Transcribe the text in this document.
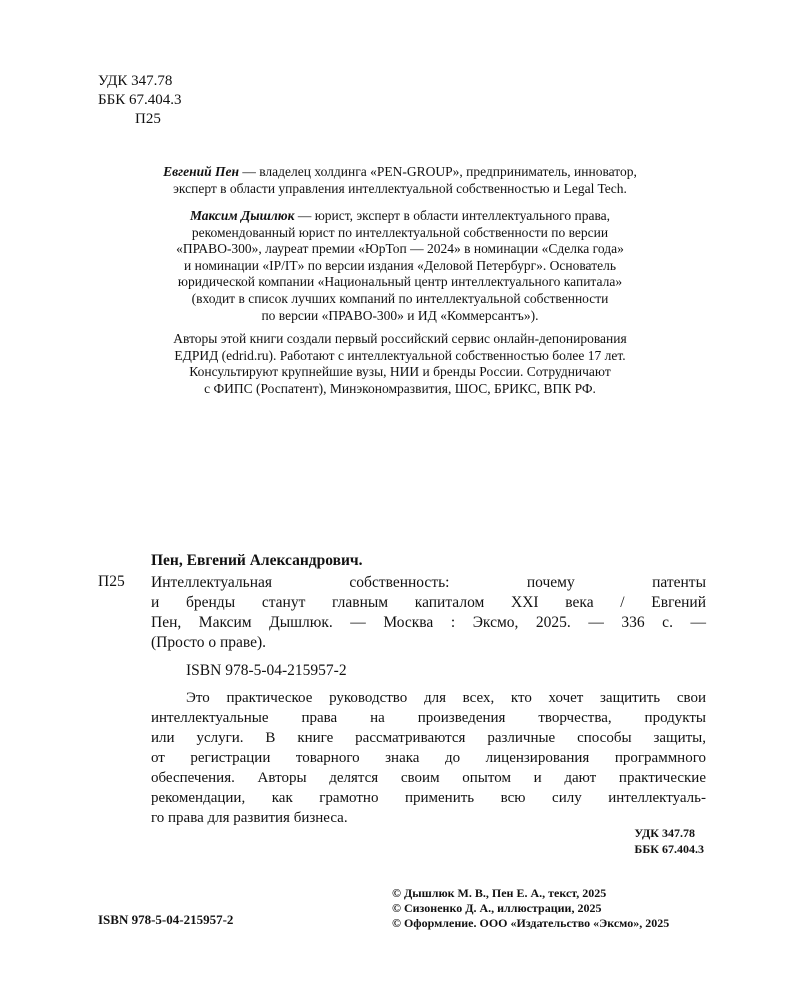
УДК 347.78
ББК 67.404.3
П25
Евгений Пен — владелец холдинга «PEN-GROUP», предприниматель, инноватор,
эксперт в области управления интеллектуальной собственностью и Legal Tech.
Максим Дышлюк — юрист, эксперт в области интеллектуального права,
рекомендованный юрист по интеллектуальной собственности по версии
«ПРАВО-300», лауреат премии «ЮрТоп — 2024» в номинации «Сделка года»
и номинации «IP/IT» по версии издания «Деловой Петербург». Основатель
юридической компании «Национальный центр интеллектуального капитала»
(входит в список лучших компаний по интеллектуальной собственности
по версии «ПРАВО-300» и ИД «Коммерсантъ»).
Авторы этой книги создали первый российский сервис онлайн-депонирования
ЕДРИД (edrid.ru). Работают с интеллектуальной собственностью более 17 лет.
Консультируют крупнейшие вузы, НИИ и бренды России. Сотрудничают
с ФИПС (Роспатент), Минэкономразвития, ШОС, БРИКС, ВПК РФ.
Пен, Евгений Александрович.
П25 Интеллектуальная собственность: почему патенты
и бренды станут главным капиталом XXI века / Евгений
Пен, Максим Дышлюк. — Москва : Эксмо, 2025. — 336 с. —
(Просто о праве).
ISBN 978-5-04-215957-2
Это практическое руководство для всех, кто хочет защитить свои
интеллектуальные права на произведения творчества, продукты
или услуги. В книге рассматриваются различные способы защиты,
от регистрации товарного знака до лицензирования программного
обеспечения. Авторы делятся своим опытом и дают практические
рекомендации, как грамотно применить всю силу интеллектуаль-
го права для развития бизнеса.
УДК 347.78
ББК 67.404.3
© Дышлюк М. В., Пен Е. А., текст, 2025
© Сизоненко Д. А., иллюстрации, 2025
© Оформление. ООО «Издательство «Эксмо», 2025
ISBN 978-5-04-215957-2
